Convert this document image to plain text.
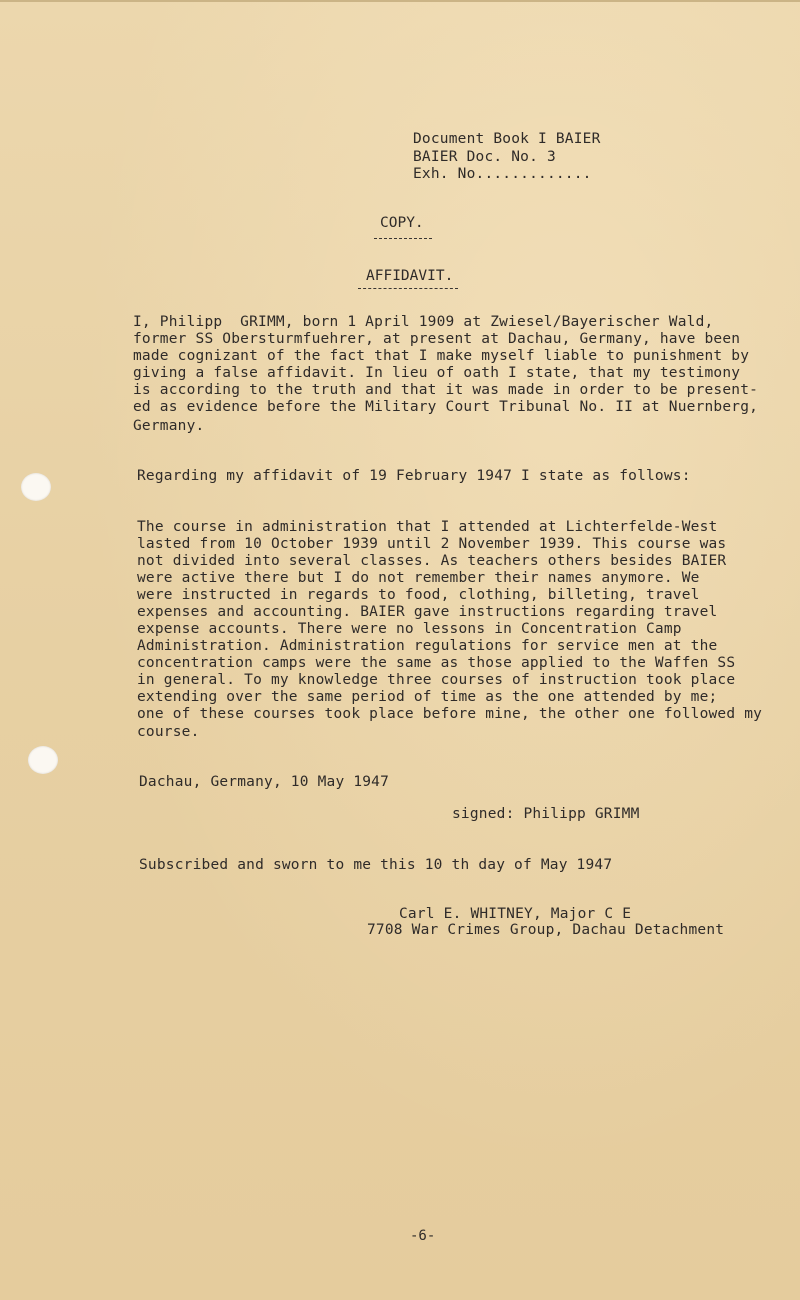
Document Book I BAIER
BAIER Doc. No. 3
Exh. No.............
COPY.
AFFIDAVIT.
I, Philipp  GRIMM, born 1 April 1909 at Zwiesel/Bayerischer Wald,
former SS Obersturmfuehrer, at present at Dachau, Germany, have been
made cognizant of the fact that I make myself liable to punishment by
giving a false affidavit. In lieu of oath I state, that my testimony
is according to the truth and that it was made in order to be present-
ed as evidence before the Military Court Tribunal No. II at Nuernberg,
Germany.
Regarding my affidavit of 19 February 1947 I state as follows:
The course in administration that I attended at Lichterfelde-West
lasted from 10 October 1939 until 2 November 1939. This course was
not divided into several classes. As teachers others besides BAIER
were active there but I do not remember their names anymore. We
were instructed in regards to food, clothing, billeting, travel
expenses and accounting. BAIER gave instructions regarding travel
expense accounts. There were no lessons in Concentration Camp
Administration. Administration regulations for service men at the
concentration camps were the same as those applied to the Waffen SS
in general. To my knowledge three courses of instruction took place
extending over the same period of time as the one attended by me;
one of these courses took place before mine, the other one followed my
course.
Dachau, Germany, 10 May 1947
signed: Philipp GRIMM
Subscribed and sworn to me this 10 th day of May 1947
Carl E. WHITNEY, Major C E
7708 War Crimes Group, Dachau Detachment
-6-
